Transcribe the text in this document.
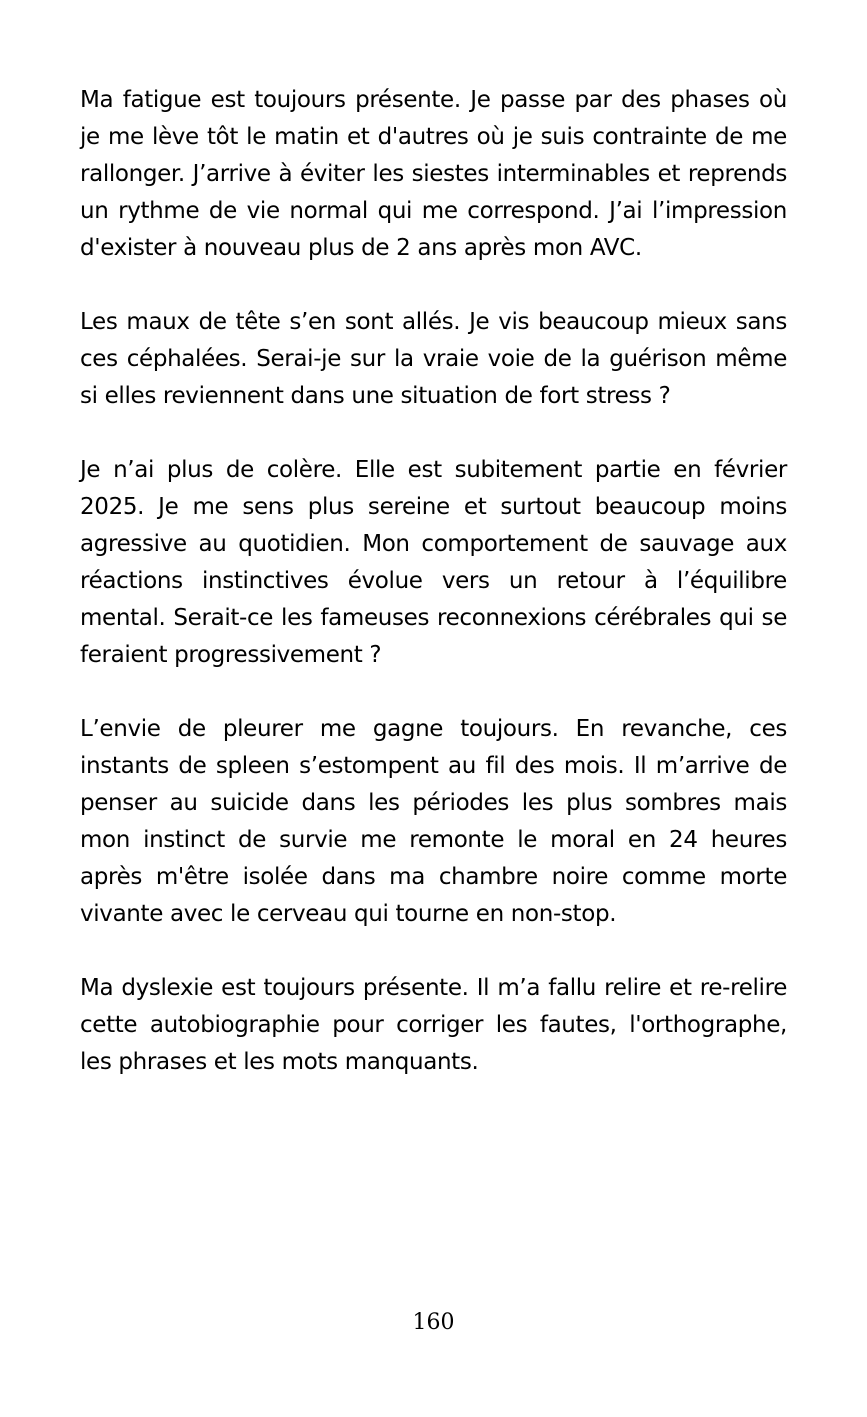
Ma fatigue est toujours présente. Je passe par des phases où je me lève tôt le matin et d'autres où je suis contrainte de me rallonger. J’arrive à éviter les siestes interminables et reprends un rythme de vie normal qui me correspond. J’ai l’impression d'exister à nouveau plus de 2 ans après mon AVC.

Les maux de tête s’en sont allés. Je vis beaucoup mieux sans ces céphalées. Serai-je sur la vraie voie de la guérison même si elles reviennent dans une situation de fort stress ?

Je n’ai plus de colère. Elle est subitement partie en février 2025. Je me sens plus sereine et surtout beaucoup moins agressive au quotidien. Mon comportement de sauvage aux réactions instinctives évolue vers un retour à l’équilibre mental. Serait-ce les fameuses reconnexions cérébrales qui se feraient progressivement ?

L’envie de pleurer me gagne toujours. En revanche, ces instants de spleen s’estompent au fil des mois. Il m’arrive de penser au suicide dans les périodes les plus sombres mais mon instinct de survie me remonte le moral en 24 heures après m'être isolée dans ma chambre noire comme morte vivante avec le cerveau qui tourne en non-stop.

Ma dyslexie est toujours présente. Il m’a fallu relire et re-relire cette autobiographie pour corriger les fautes, l'orthographe, les phrases et les mots manquants.

160
